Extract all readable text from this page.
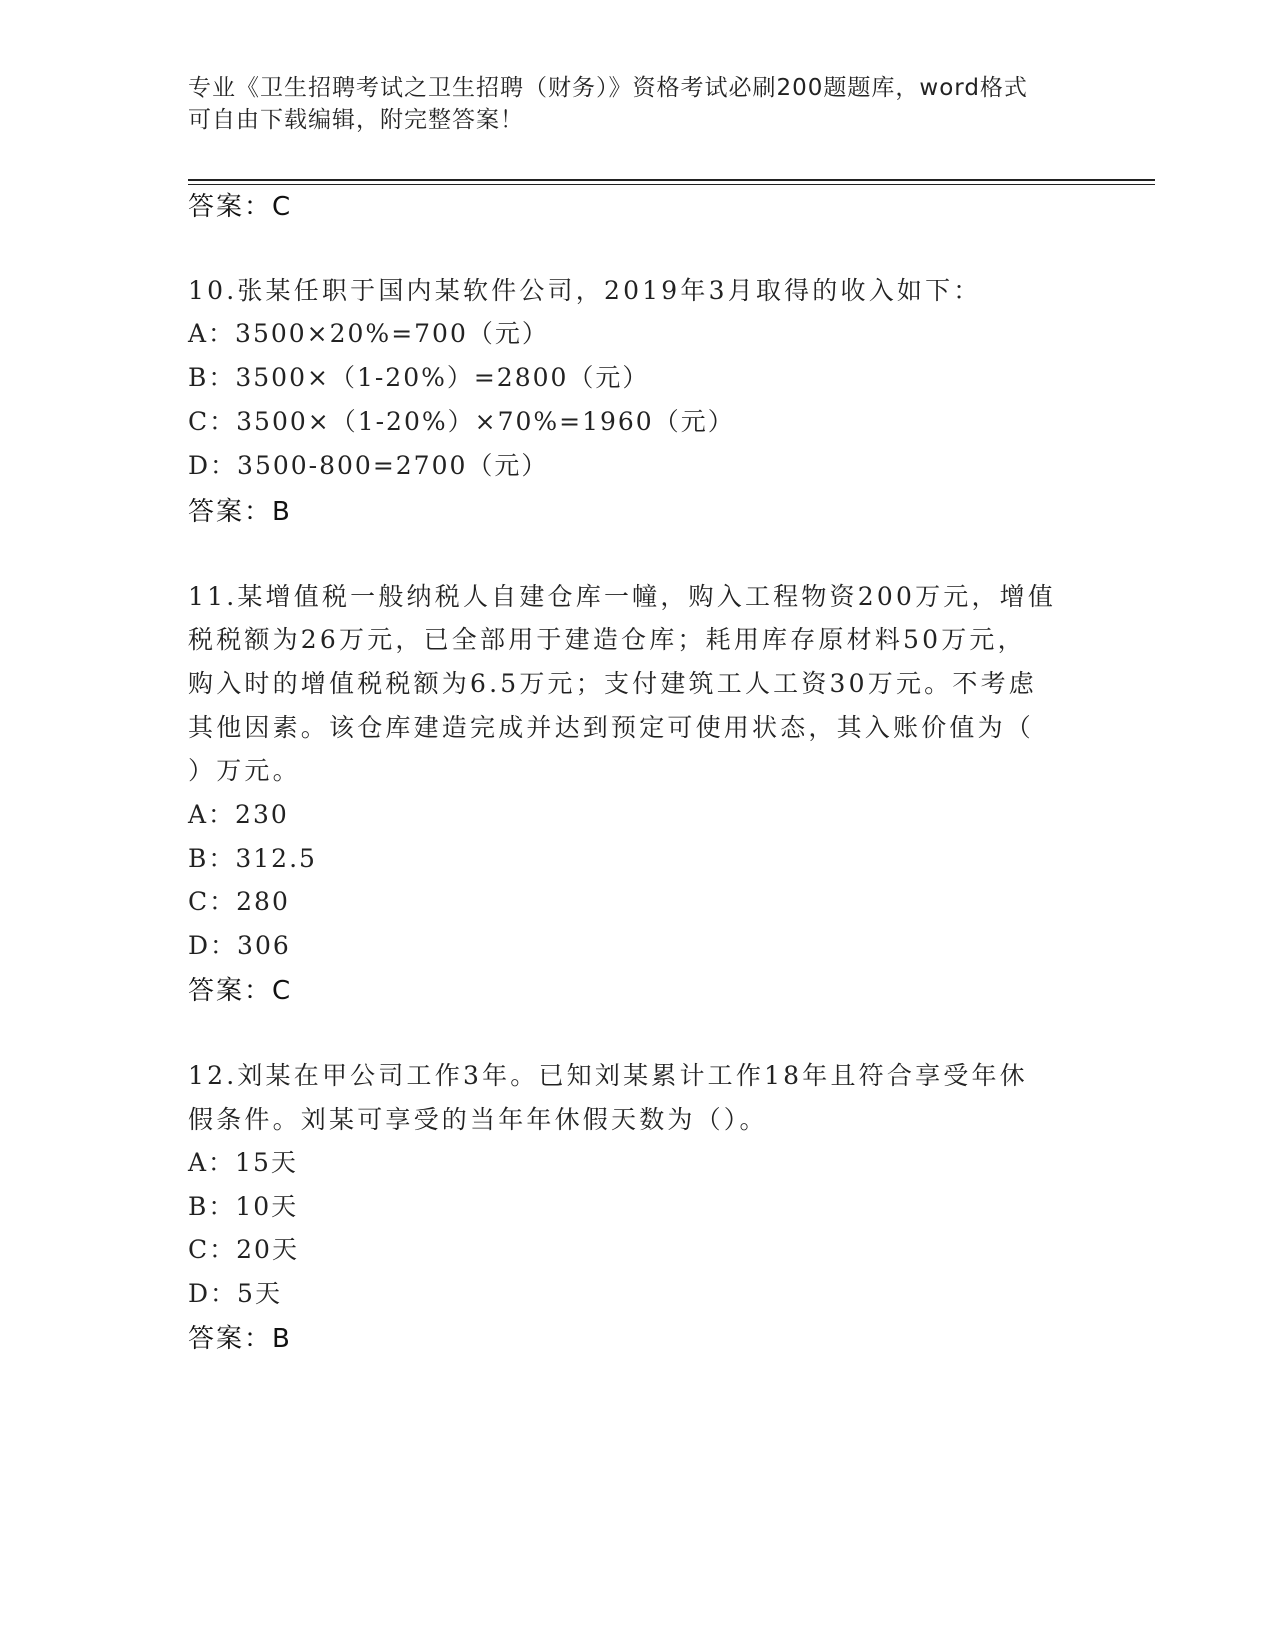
专业《卫生招聘考试之卫生招聘（财务）》资格考试必刷200题题库，word格式
可自由下载编辑，附完整答案！
答案：C
10.张某任职于国内某软件公司，2019年3月取得的收入如下：
A：3500×20%=700（元）
B：3500×（1-20%）=2800（元）
C：3500×（1-20%）×70%=1960（元）
D：3500-800=2700（元）
答案：B
11.某增值税一般纳税人自建仓库一幢，购入工程物资200万元，增值
税税额为26万元，已全部用于建造仓库；耗用库存原材料50万元，
购入时的增值税税额为6.5万元；支付建筑工人工资30万元。不考虑
其他因素。该仓库建造完成并达到预定可使用状态，其入账价值为（
）万元。
A：230
B：312.5
C：280
D：306
答案：C
12.刘某在甲公司工作3年。已知刘某累计工作18年且符合享受年休
假条件。刘某可享受的当年年休假天数为（）。
A：15天
B：10天
C：20天
D：5天
答案：B
